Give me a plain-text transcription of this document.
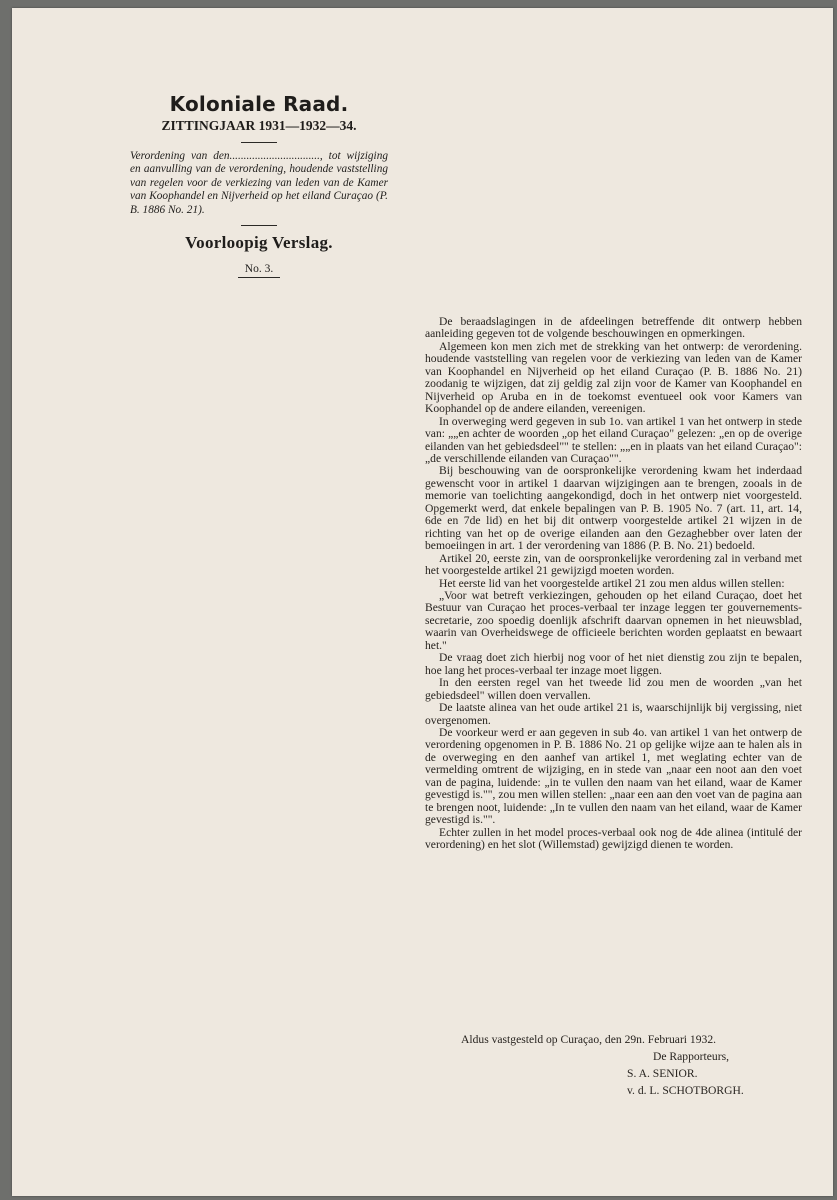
Koloniale Raad.

ZITTINGJAAR 1931—1932—34.

Verordening van den................................, tot wijziging en aanvulling van de verordening, houdende vaststelling van regelen voor de verkiezing van leden van de Kamer van Koophandel en Nijverheid op het eiland Curaçao (P. B. 1886 No. 21).

Voorloopig Verslag.

No. 3.

De beraadslagingen in de afdeelingen betreffende dit ontwerp hebben aanleiding gegeven tot de volgende beschouwingen en opmerkingen.

Algemeen kon men zich met de strekking van het ontwerp: de verordening. houdende vaststelling van regelen voor de verkiezing van leden van de Kamer van Koophandel en Nijverheid op het eiland Curaçao (P. B. 1886 No. 21) zoodanig te wijzigen, dat zij geldig zal zijn voor de Kamer van Koophandel en Nijverheid op Aruba en in de toekomst eventueel ook voor Kamers van Koophandel op de andere eilanden, vereenigen.

In overweging werd gegeven in sub 1o. van artikel 1 van het ontwerp in stede van: „„en achter de woorden „op het eiland Curaçao" gelezen: „en op de overige eilanden van het gebiedsdeel"" te stellen: „„en in plaats van het eiland Curaçao": „de verschillende eilanden van Curaçao"".

Bij beschouwing van de oorspronkelijke verordening kwam het inderdaad gewenscht voor in artikel 1 daarvan wijzigingen aan te brengen, zooals in de memorie van toelichting aangekondigd, doch in het ontwerp niet voorgesteld. Opgemerkt werd, dat enkele bepalingen van P. B. 1905 No. 7 (art. 11, art. 14, 6de en 7de lid) en het bij dit ontwerp voorgestelde artikel 21 wijzen in de richting van het op de overige eilanden aan den Gezaghebber over laten der bemoeiingen in art. 1 der verordening van 1886 (P. B. No. 21) bedoeld.

Artikel 20, eerste zin, van de oorspronkelijke verordening zal in verband met het voorgestelde artikel 21 gewijzigd moeten worden.

Het eerste lid van het voorgestelde artikel 21 zou men aldus willen stellen:

„Voor wat betreft verkiezingen, gehouden op het eiland Curaçao, doet het Bestuur van Curaçao het proces-verbaal ter inzage leggen ter gouvernements-secretarie, zoo spoedig doenlijk afschrift daarvan opnemen in het nieuwsblad, waarin van Overheidswege de officieele berichten worden geplaatst en bewaart het."

De vraag doet zich hierbij nog voor of het niet dienstig zou zijn te bepalen, hoe lang het proces-verbaal ter inzage moet liggen.

In den eersten regel van het tweede lid zou men de woorden „van het gebiedsdeel" willen doen vervallen.

De laatste alinea van het oude artikel 21 is, waarschijnlijk bij vergissing, niet overgenomen.

De voorkeur werd er aan gegeven in sub 4o. van artikel 1 van het ontwerp de verordening opgenomen in P. B. 1886 No. 21 op gelijke wijze aan te halen als in de overweging en den aanhef van artikel 1, met weglating echter van de vermelding omtrent de wijziging, en in stede van „naar een noot aan den voet van de pagina, luidende: „in te vullen den naam van het eiland, waar de Kamer gevestigd is."", zou men willen stellen: „naar een aan den voet van de pagina aan te brengen noot, luidende: „In te vullen den naam van het eiland, waar de Kamer gevestigd is."".

Echter zullen in het model proces-verbaal ook nog de 4de alinea (intitulé der verordening) en het slot (Willemstad) gewijzigd dienen te worden.

Aldus vastgesteld op Curaçao, den 29n. Februari 1932.

De Rapporteurs,

S. A. SENIOR.

v. d. L. SCHOTBORGH.
